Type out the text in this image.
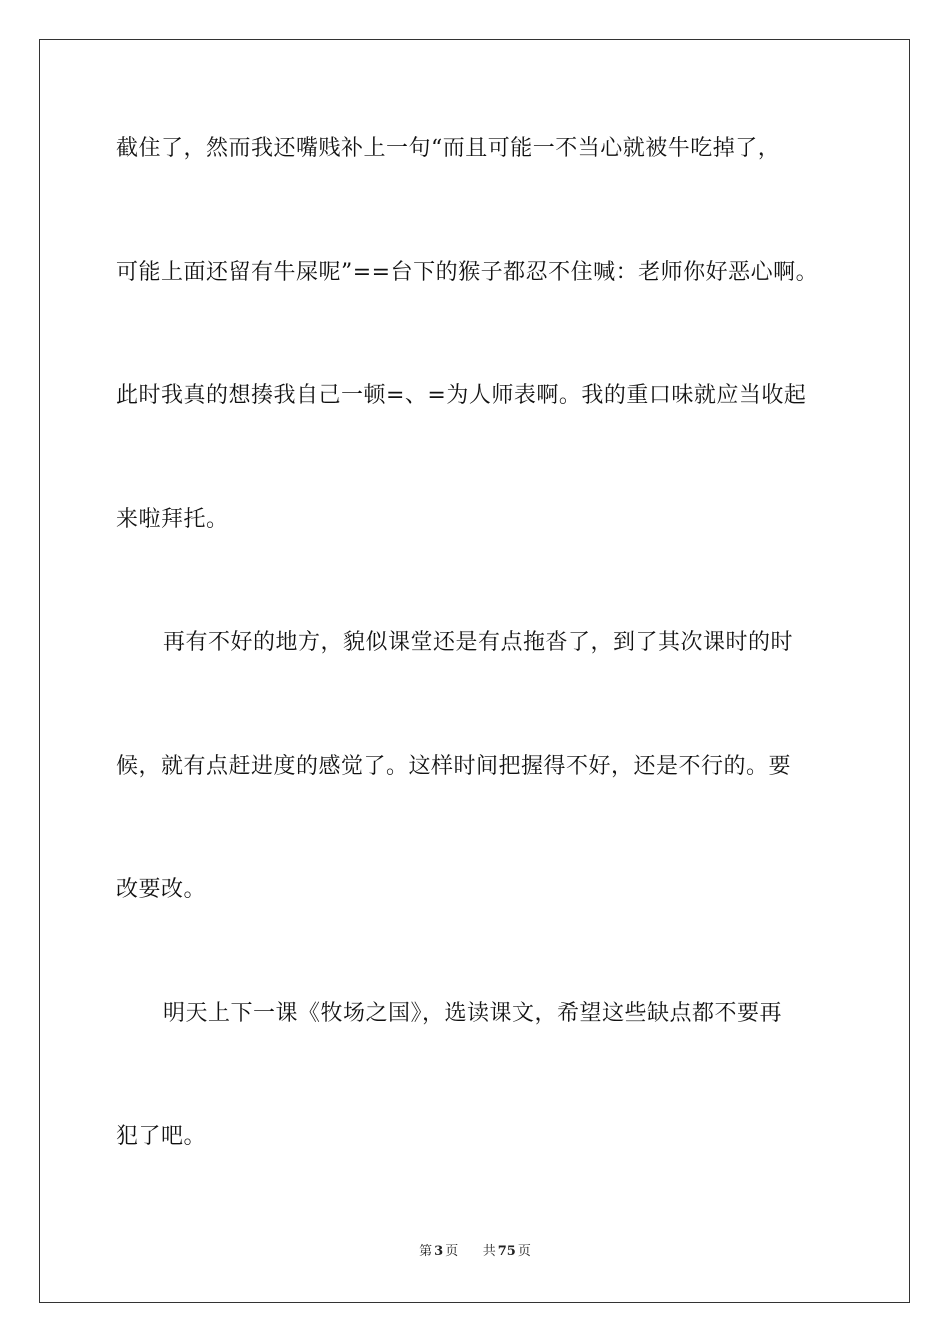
截住了，然而我还嘴贱补上一句“而且可能一不当心就被牛吃掉了，
可能上面还留有牛屎呢”==台下的猴子都忍不住喊：老师你好恶心啊。
此时我真的想揍我自己一顿=、=为人师表啊。我的重口味就应当收起
来啦拜托。
再有不好的地方，貌似课堂还是有点拖沓了，到了其次课时的时
候，就有点赶进度的感觉了。这样时间把握得不好，还是不行的。要
改要改。
明天上下一课《牧场之国》，选读课文，希望这些缺点都不要再
犯了吧。
第 3 页 共 75 页
